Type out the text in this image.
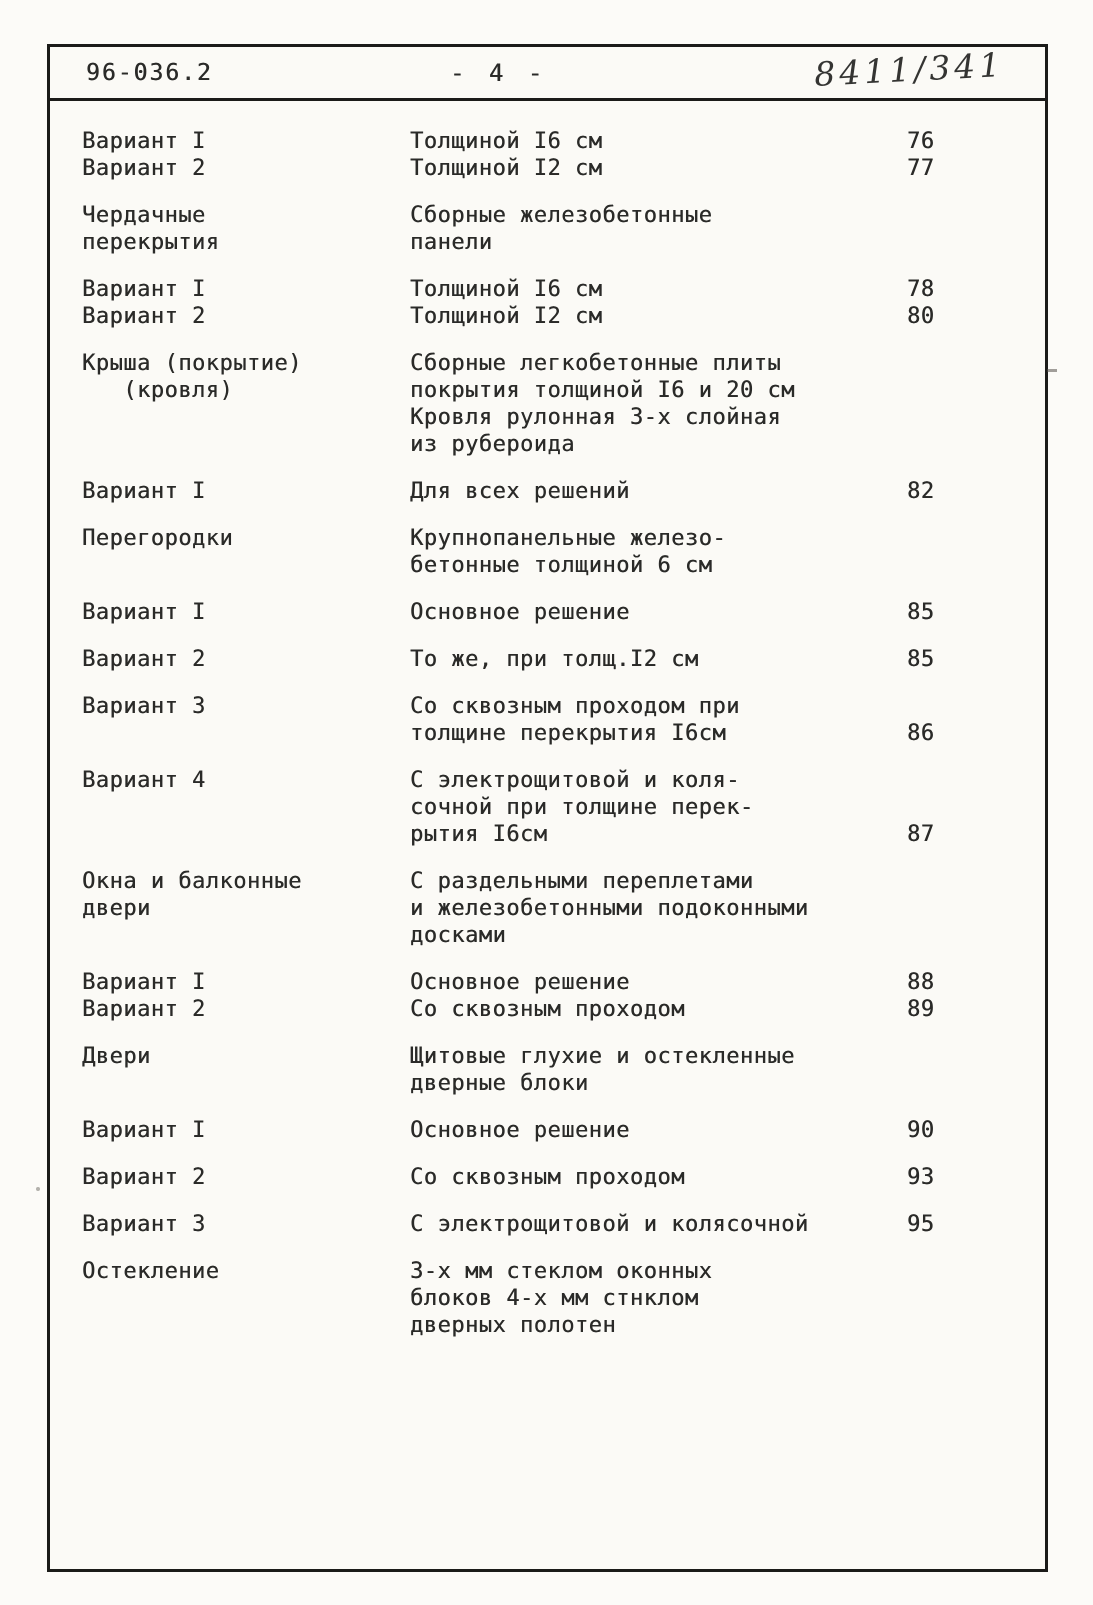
96-036.2	- 4 -	8411/341
Вариант I	Толщиной I6 см	76
Вариант 2	Толщиной I2 см	77
Чердачные	Сборные железобетонные
перекрытия	панели
Вариант I	Толщиной I6 см	78
Вариант 2	Толщиной I2 см	80
Крыша (покрытие)	Сборные легкобетонные плиты
(кровля)	покрытия толщиной I6 и 20 см
Кровля рулонная 3-х слойная
из рубероида
Вариант I	Для всех решений	82
Перегородки	Крупнопанельные железо-
бетонные толщиной 6 см
Вариант I	Основное решение	85
Вариант 2	То же, при толщ.I2 см	85
Вариант 3	Со сквозным проходом при
толщине перекрытия I6см	86
Вариант 4	С электрощитовой и коля-
сочной при толщине перек-
рытия I6см	87
Окна и балконные	С раздельными переплетами
двери	и железобетонными подоконными
досками
Вариант I	Основное решение	88
Вариант 2	Со сквозным проходом	89
Двери	Щитовые глухие и остекленные
дверные блоки
Вариант I	Основное решение	90
Вариант 2	Со сквозным проходом	93
Вариант 3	С электрощитовой и колясочной	95
Остекление	3-х мм стеклом оконных
блоков 4-х мм стнклом
дверных полотен
